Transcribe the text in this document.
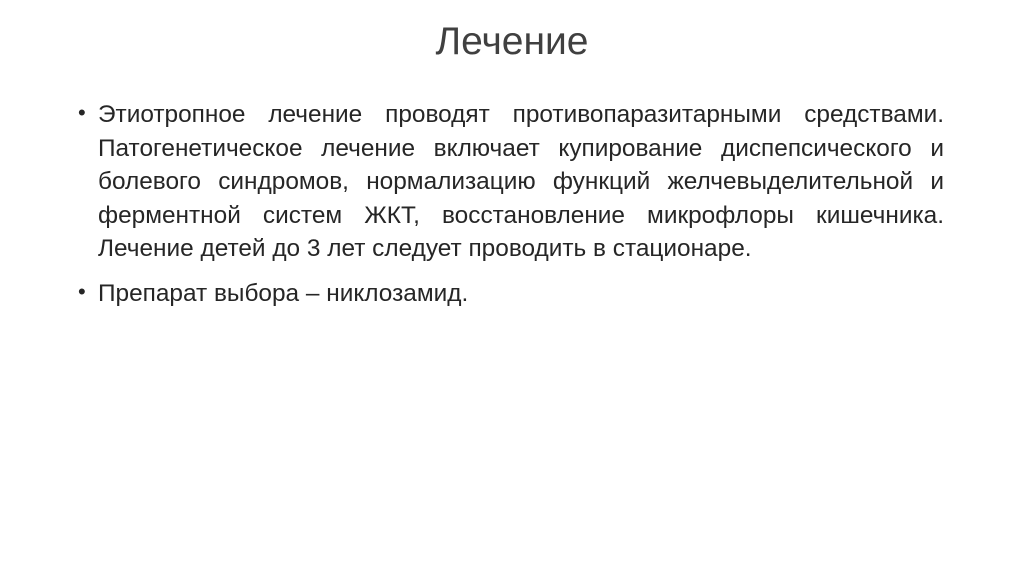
Лечение
• Этиотропное лечение проводят противопаразитарными средствами. Патогенетическое лечение включает купирование диспепсического и болевого синдромов, нормализацию функций желчевыделительной и ферментной систем ЖКТ, восстановление микрофлоры кишечника. Лечение детей до 3 лет следует проводить в стационаре.
• Препарат выбора – никлозамид.
